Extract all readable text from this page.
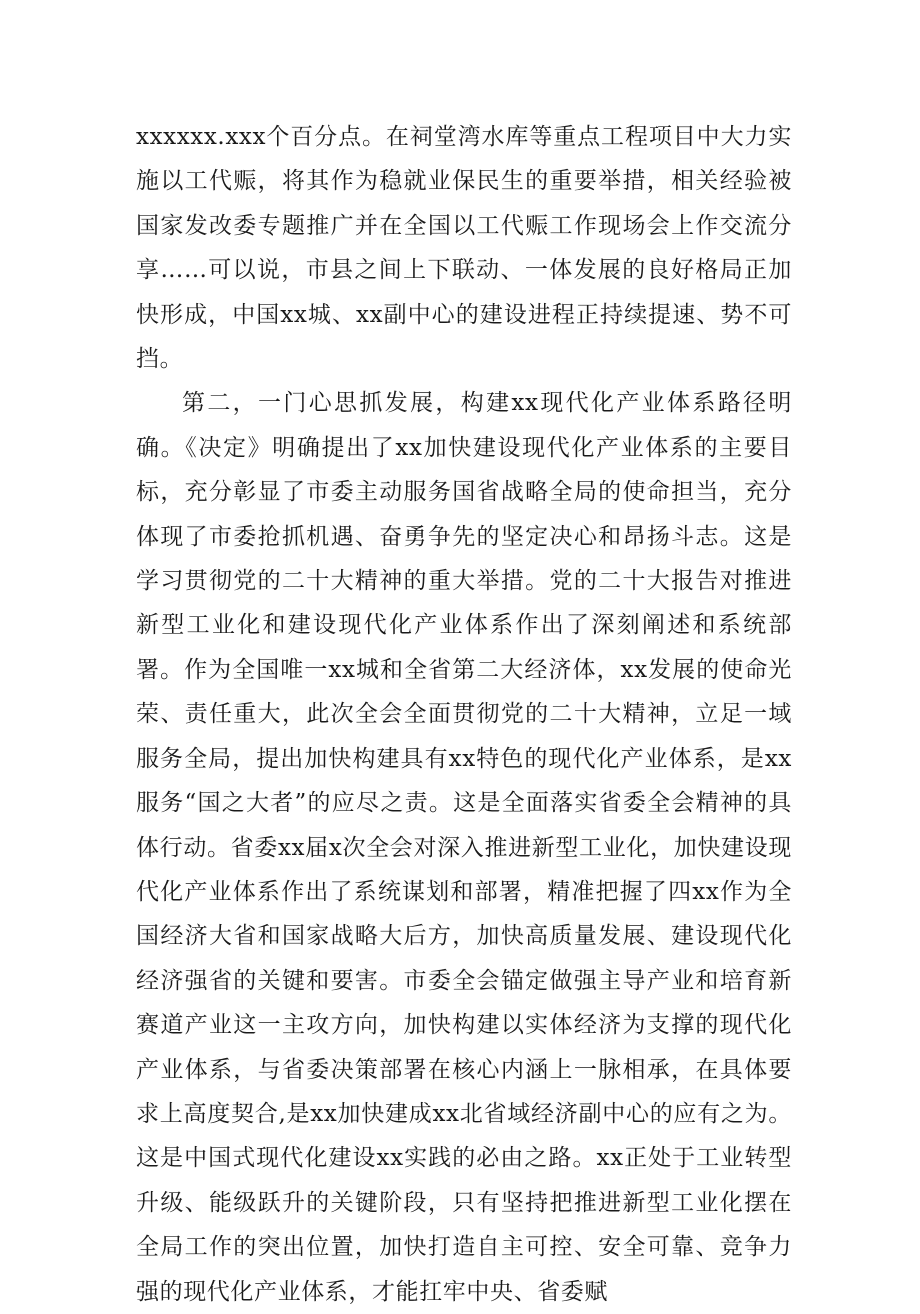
xxxxxx.xxx个百分点。在祠堂湾水库等重点工程项目中大力实施以工代赈，将其作为稳就业保民生的重要举措，相关经验被国家发改委专题推广并在全国以工代赈工作现场会上作交流分享……可以说，市县之间上下联动、一体发展的良好格局正加快形成，中国xx城、xx副中心的建设进程正持续提速、势不可挡。

第二，一门心思抓发展，构建xx现代化产业体系路径明确。《决定》明确提出了xx加快建设现代化产业体系的主要目标，充分彰显了市委主动服务国省战略全局的使命担当，充分体现了市委抢抓机遇、奋勇争先的坚定决心和昂扬斗志。这是学习贯彻党的二十大精神的重大举措。党的二十大报告对推进新型工业化和建设现代化产业体系作出了深刻阐述和系统部署。作为全国唯一xx城和全省第二大经济体，xx发展的使命光荣、责任重大，此次全会全面贯彻党的二十大精神，立足一域服务全局，提出加快构建具有xx特色的现代化产业体系，是xx服务“国之大者”的应尽之责。这是全面落实省委全会精神的具体行动。省委xx届x次全会对深入推进新型工业化，加快建设现代化产业体系作出了系统谋划和部署，精准把握了四xx作为全国经济大省和国家战略大后方，加快高质量发展、建设现代化经济强省的关键和要害。市委全会锚定做强主导产业和培育新赛道产业这一主攻方向，加快构建以实体经济为支撑的现代化产业体系，与省委决策部署在核心内涵上一脉相承，在具体要求上高度契合,是xx加快建成xx北省域经济副中心的应有之为。这是中国式现代化建设xx实践的必由之路。xx正处于工业转型升级、能级跃升的关键阶段，只有坚持把推进新型工业化摆在全局工作的突出位置，加快打造自主可控、安全可靠、竞争力强的现代化产业体系，才能扛牢中央、省委赋
